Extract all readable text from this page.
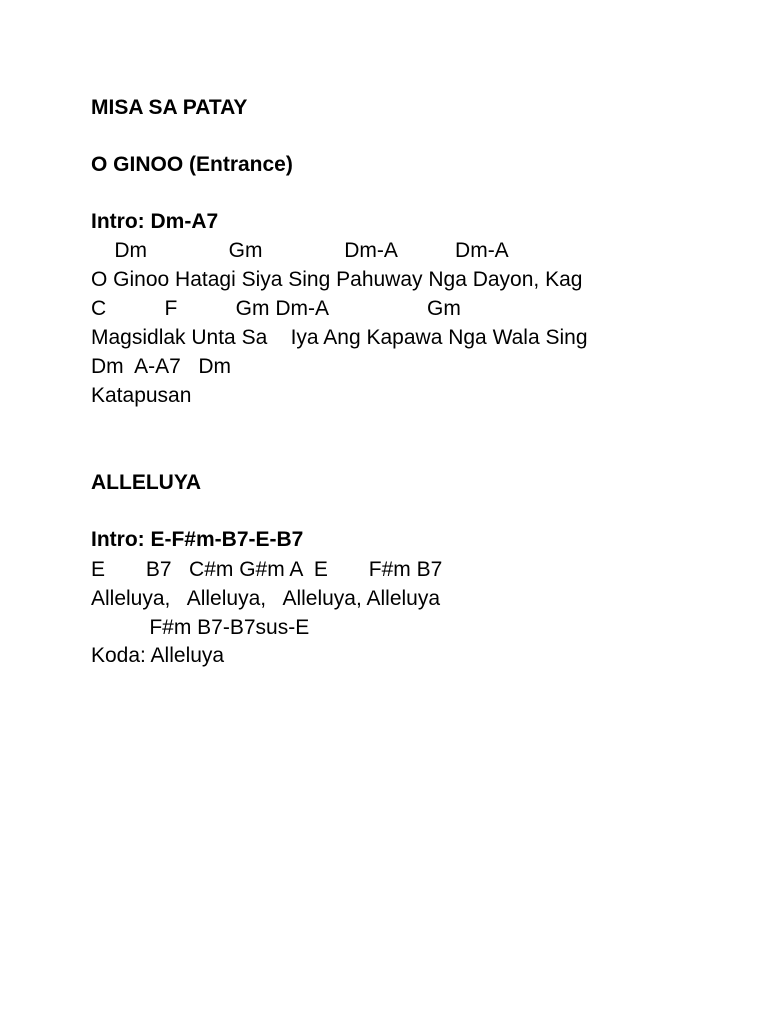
MISA SA PATAY

O GINOO (Entrance)

Intro: Dm-A7

Dm              Gm              Dm-A          Dm-A

O Ginoo Hatagi Siya Sing Pahuway Nga Dayon, Kag

C          F          Gm Dm-A                 Gm

Magsidlak Unta Sa    Iya Ang Kapawa Nga Wala Sing

Dm  A-A7   Dm

Katapusan

ALLELUYA

Intro: E-F#m-B7-E-B7

E       B7   C#m G#m A  E       F#m B7

Alleluya,   Alleluya,   Alleluya, Alleluya

F#m B7-B7sus-E

Koda: Alleluya
